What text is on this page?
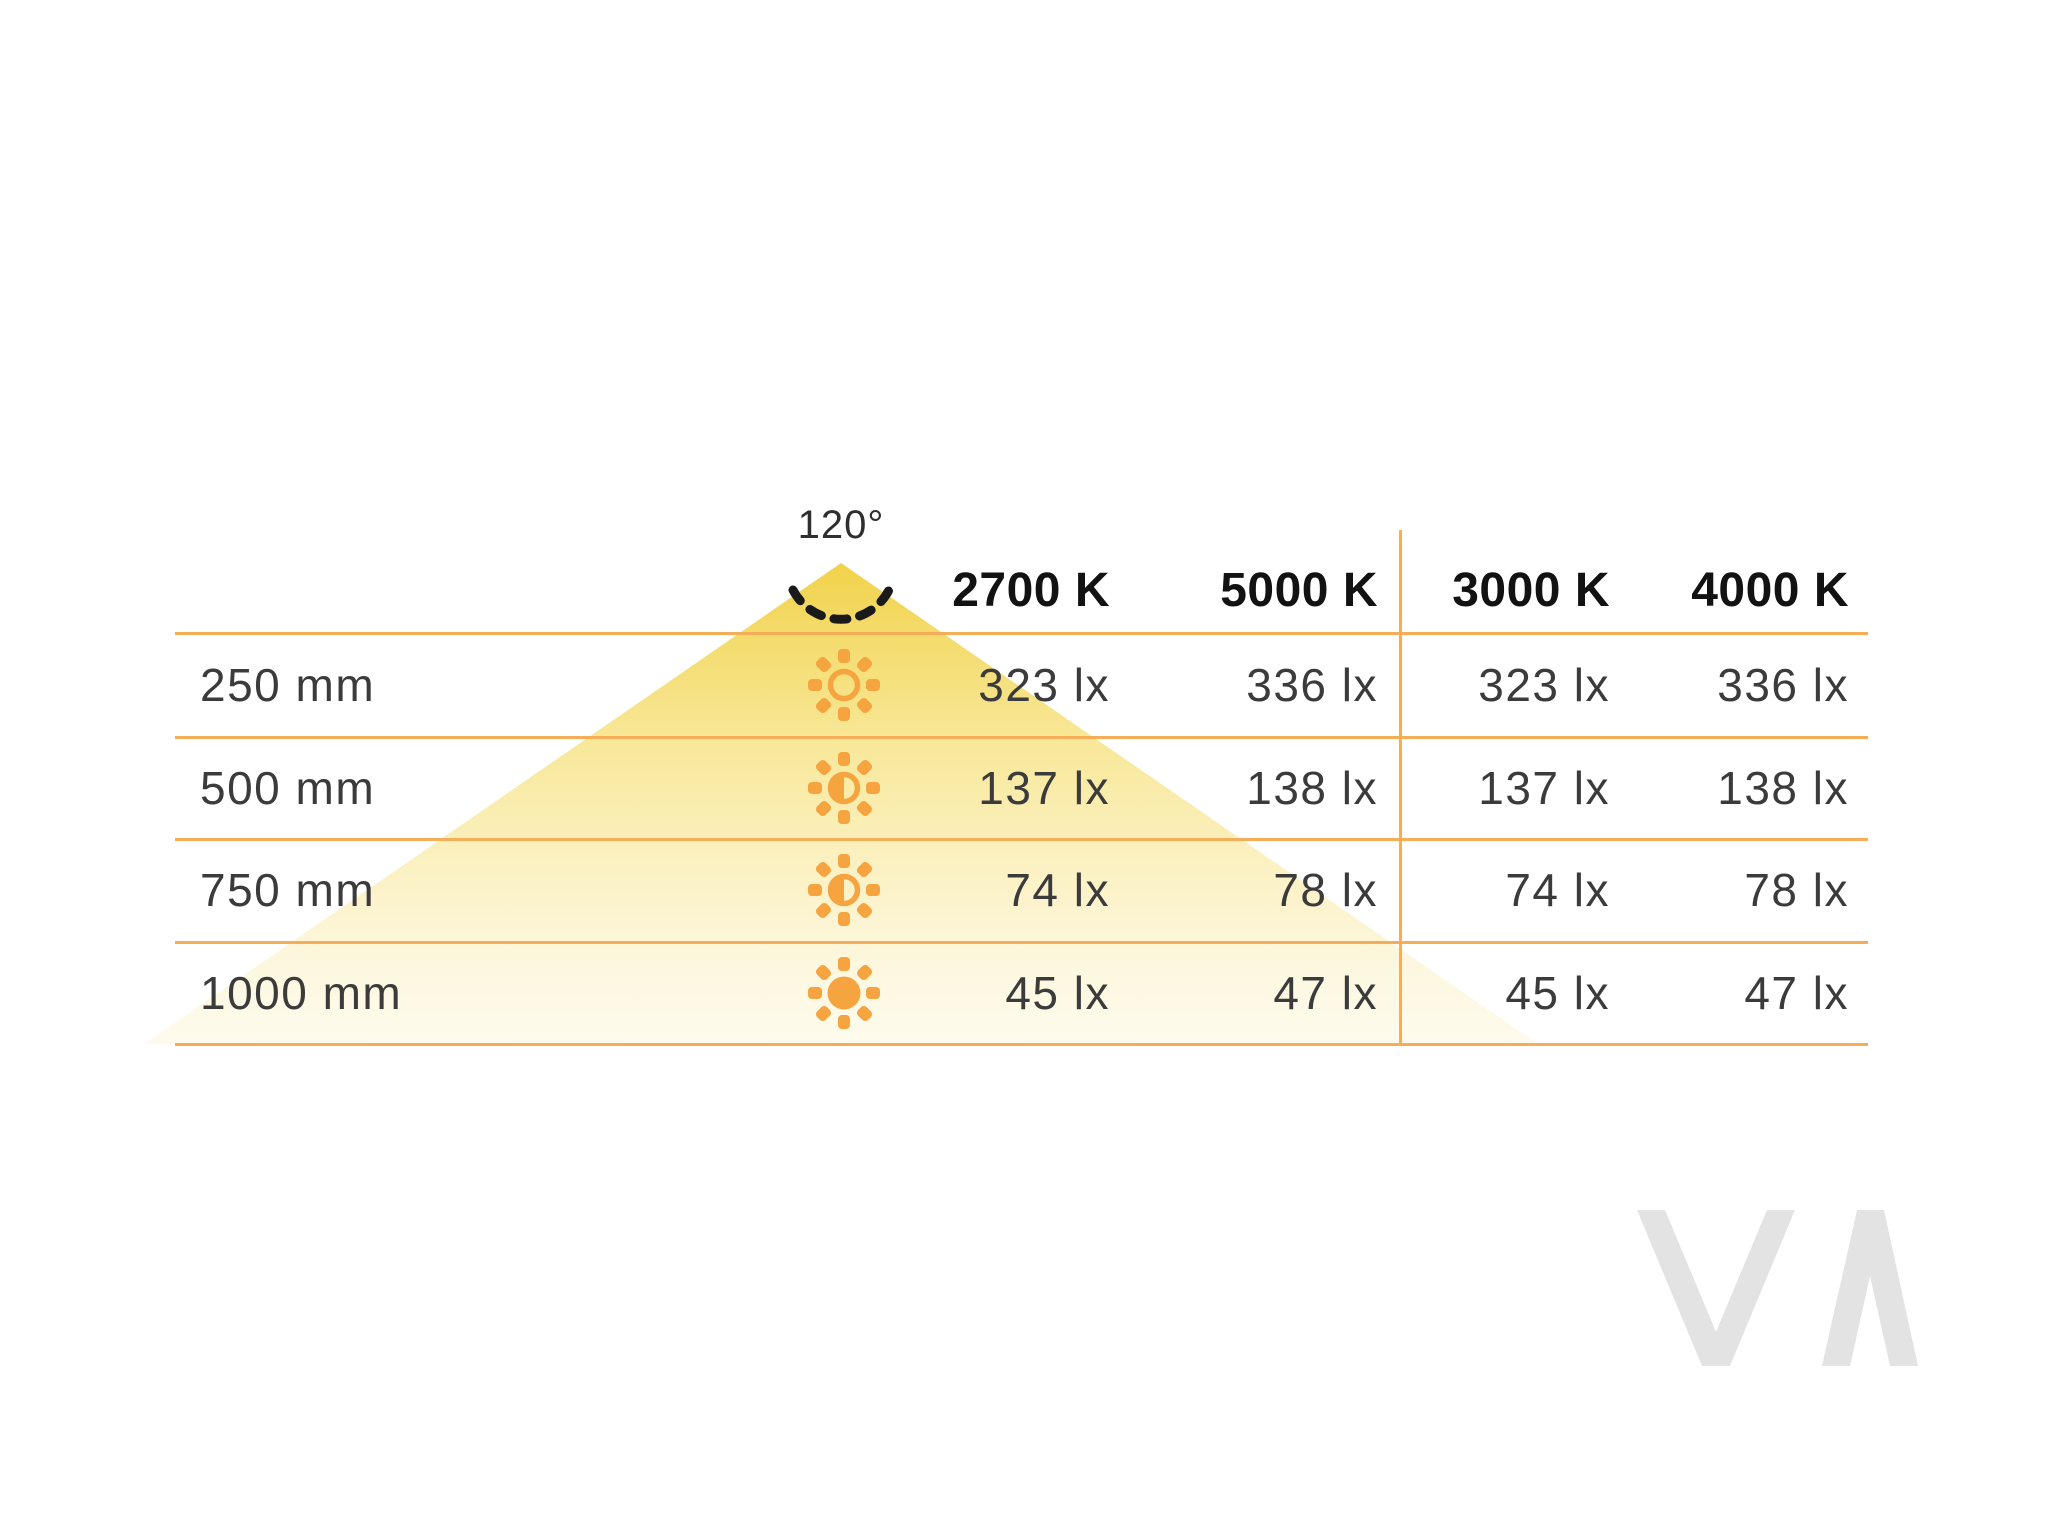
120°
2700 K	5000 K	3000 K	4000 K
250 mm	323 lx	336 lx	323 lx	336 lx
500 mm	137 lx	138 lx	137 lx	138 lx
750 mm	74 lx	78 lx	74 lx	78 lx
1000 mm	45 lx	47 lx	45 lx	47 lx
